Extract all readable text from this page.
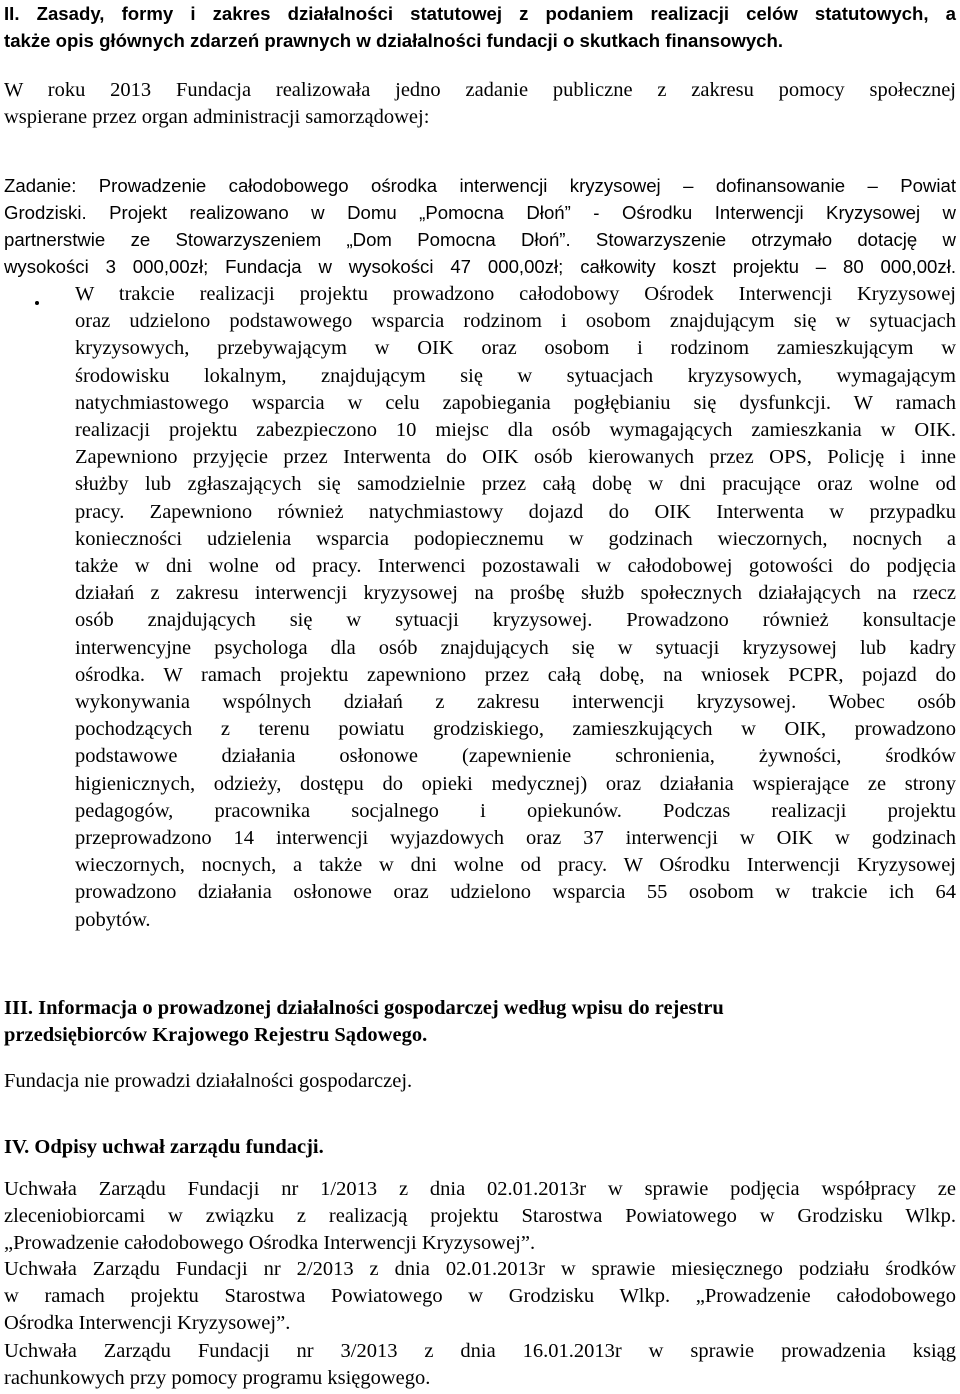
II. Zasady, formy i zakres działalności statutowej z podaniem realizacji celów statutowych, a
także opis głównych zdarzeń prawnych w działalności fundacji o skutkach finansowych.
W roku 2013 Fundacja realizowała jedno zadanie publiczne z zakresu pomocy społecznej
wspierane przez organ administracji samorządowej:
Zadanie: Prowadzenie całodobowego ośrodka interwencji kryzysowej – dofinansowanie – Powiat
Grodziski. Projekt realizowano w Domu „Pomocna Dłoń” - Ośrodku Interwencji Kryzysowej w
partnerstwie ze Stowarzyszeniem „Dom Pomocna Dłoń”. Stowarzyszenie otrzymało dotację w
wysokości 3 000,00zł; Fundacja w wysokości 47 000,00zł; całkowity koszt projektu – 80 000,00zł.
W trakcie realizacji projektu prowadzono całodobowy Ośrodek Interwencji Kryzysowej
oraz udzielono podstawowego wsparcia rodzinom i osobom znajdującym się w sytuacjach
kryzysowych, przebywającym w OIK oraz osobom i rodzinom zamieszkującym w
środowisku lokalnym, znajdującym się w sytuacjach kryzysowych, wymagającym
natychmiastowego wsparcia w celu zapobiegania pogłębianiu się dysfunkcji. W ramach
realizacji projektu zabezpieczono 10 miejsc dla osób wymagających zamieszkania w OIK.
Zapewniono przyjęcie przez Interwenta do OIK osób kierowanych przez OPS, Policję i inne
służby lub zgłaszających się samodzielnie przez całą dobę w dni pracujące oraz wolne od
pracy. Zapewniono również natychmiastowy dojazd do OIK Interwenta w przypadku
konieczności udzielenia wsparcia podopiecznemu w godzinach wieczornych, nocnych a
także w dni wolne od pracy. Interwenci pozostawali w całodobowej gotowości do podjęcia
działań z zakresu interwencji kryzysowej na prośbę służb społecznych działających na rzecz
osób znajdujących się w sytuacji kryzysowej. Prowadzono również konsultacje
interwencyjne psychologa dla osób znajdujących się w sytuacji kryzysowej lub kadry
ośrodka. W ramach projektu zapewniono przez całą dobę, na wniosek PCPR, pojazd do
wykonywania wspólnych działań z zakresu interwencji kryzysowej. Wobec osób
pochodzących z terenu powiatu grodziskiego, zamieszkujących w OIK, prowadzono
podstawowe działania osłonowe (zapewnienie schronienia, żywności, środków
higienicznych, odzieży, dostępu do opieki medycznej) oraz działania wspierające ze strony
pedagogów, pracownika socjalnego i opiekunów. Podczas realizacji projektu
przeprowadzono 14 interwencji wyjazdowych oraz 37 interwencji w OIK w godzinach
wieczornych, nocnych, a także w dni wolne od pracy. W Ośrodku Interwencji Kryzysowej
prowadzono działania osłonowe oraz udzielono wsparcia 55 osobom w trakcie ich 64
pobytów.
III. Informacja o prowadzonej działalności gospodarczej według wpisu do rejestru
przedsiębiorców Krajowego Rejestru Sądowego.
Fundacja nie prowadzi działalności gospodarczej.
IV. Odpisy uchwał zarządu fundacji.
Uchwała Zarządu Fundacji nr 1/2013 z dnia 02.01.2013r w sprawie podjęcia współpracy ze
zleceniobiorcami w związku z realizacją projektu Starostwa Powiatowego w Grodzisku Wlkp.
„Prowadzenie całodobowego Ośrodka Interwencji Kryzysowej”.
Uchwała Zarządu Fundacji nr 2/2013 z dnia 02.01.2013r w sprawie miesięcznego podziału środków
w ramach projektu Starostwa Powiatowego w Grodzisku Wlkp. „Prowadzenie całodobowego
Ośrodka Interwencji Kryzysowej”.
Uchwała Zarządu Fundacji nr 3/2013 z dnia 16.01.2013r w sprawie prowadzenia ksiąg
rachunkowych przy pomocy programu księgowego.
